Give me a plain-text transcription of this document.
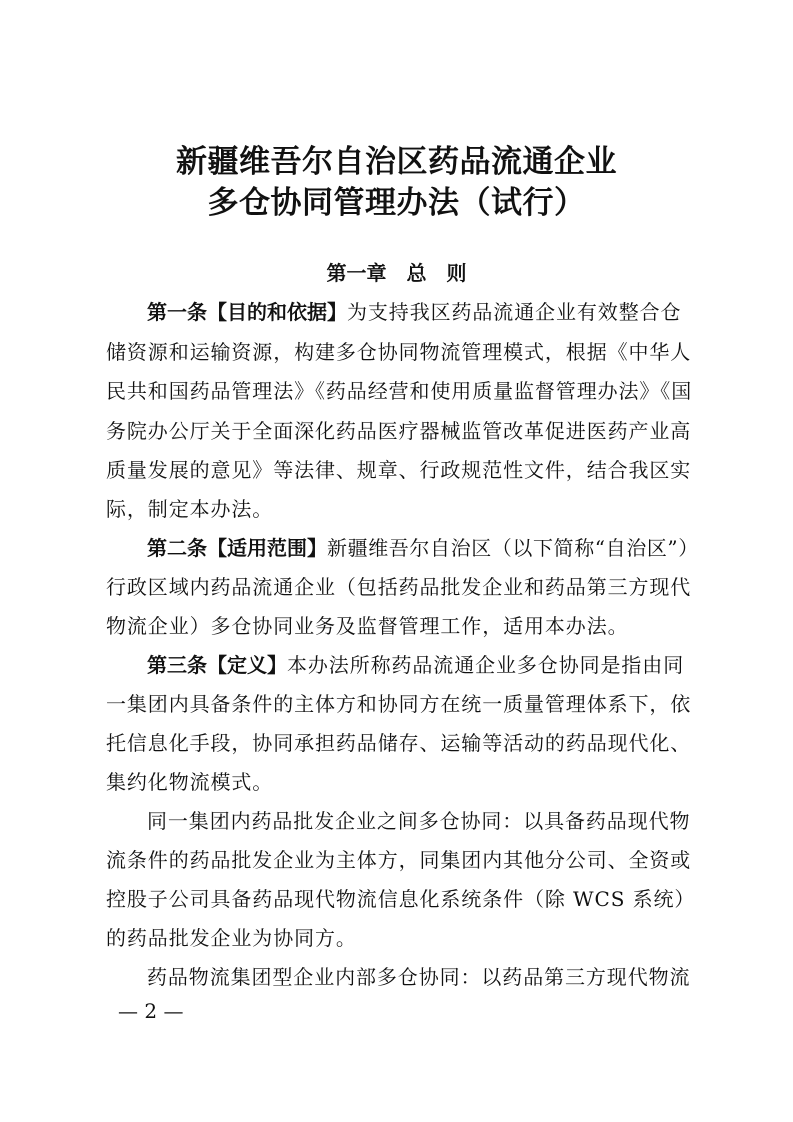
新疆维吾尔自治区药品流通企业
多仓协同管理办法（试行）
第一章　总　则
第一条【目的和依据】为支持我区药品流通企业有效整合仓
储资源和运输资源，构建多仓协同物流管理模式，根据《中华人
民共和国药品管理法》《药品经营和使用质量监督管理办法》《国
务院办公厅关于全面深化药品医疗器械监管改革促进医药产业高
质量发展的意见》等法律、规章、行政规范性文件，结合我区实
际，制定本办法。
第二条【适用范围】新疆维吾尔自治区（以下简称“自治区”）
行政区域内药品流通企业（包括药品批发企业和药品第三方现代
物流企业）多仓协同业务及监督管理工作，适用本办法。
第三条【定义】本办法所称药品流通企业多仓协同是指由同
一集团内具备条件的主体方和协同方在统一质量管理体系下，依
托信息化手段，协同承担药品储存、运输等活动的药品现代化、
集约化物流模式。
同一集团内药品批发企业之间多仓协同：以具备药品现代物
流条件的药品批发企业为主体方，同集团内其他分公司、全资或
控股子公司具备药品现代物流信息化系统条件（除 WCS 系统）
的药品批发企业为协同方。
药品物流集团型企业内部多仓协同：以药品第三方现代物流
— 2 —
